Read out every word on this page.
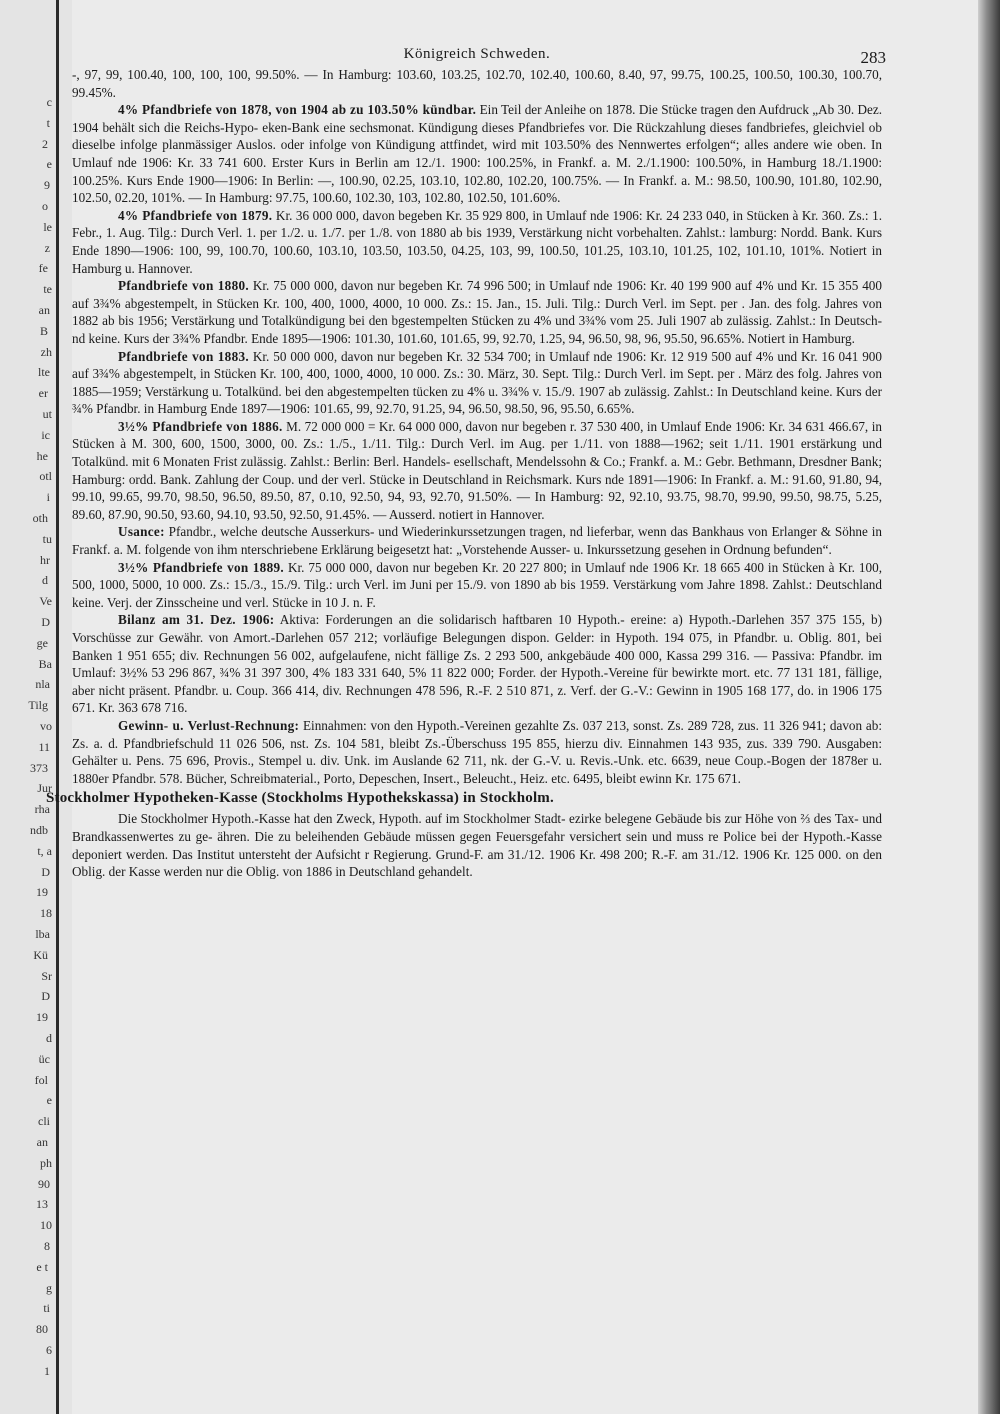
c
t
2
e
9
o
le
z
fe
te
an
B
zh
lte
er
ut
ic
he
otl
i
oth
tu
hr
d
Ve
D
ge
Ba
nla
Tilg
vo
11
373
Jur
rha
ndb
t, a
D
19
18
lba
Kü
Sr
D
19
d
üc
fol
e
cli
an
ph
90
13
10
8
e t
g
ti
80
6
1
Königreich Schweden.	283

-, 97, 99, 100.40, 100, 100, 100, 99.50%. — In Hamburg: 103.60, 103.25, 102.70, 102.40, 100.60, 8.40, 97, 99.75, 100.25, 100.50, 100.30, 100.70, 99.45%.

4% Pfandbriefe von 1878, von 1904 ab zu 103.50% kündbar. Ein Teil der Anleihe on 1878. Die Stücke tragen den Aufdruck „Ab 30. Dez. 1904 behält sich die Reichs-Hypo- eken-Bank eine sechsmonat. Kündigung dieses Pfandbriefes vor. Die Rückzahlung dieses fandbriefes, gleichviel ob dieselbe infolge planmässiger Auslos. oder infolge von Kündigung attfindet, wird mit 103.50% des Nennwertes erfolgen“; alles andere wie oben. In Umlauf nde 1906: Kr. 33 741 600. Erster Kurs in Berlin am 12./1. 1900: 100.25%, in Frankf. a. M. 2./1.1900: 100.50%, in Hamburg 18./1.1900: 100.25%. Kurs Ende 1900—1906: In Berlin: —, 100.90, 02.25, 103.10, 102.80, 102.20, 100.75%. — In Frankf. a. M.: 98.50, 100.90, 101.80, 102.90, 102.50, 02.20, 101%. — In Hamburg: 97.75, 100.60, 102.30, 103, 102.80, 102.50, 101.60%.

4% Pfandbriefe von 1879. Kr. 36 000 000, davon begeben Kr. 35 929 800, in Umlauf nde 1906: Kr. 24 233 040, in Stücken à Kr. 360. Zs.: 1. Febr., 1. Aug. Tilg.: Durch Verl. 1. per 1./2. u. 1./7. per 1./8. von 1880 ab bis 1939, Verstärkung nicht vorbehalten. Zahlst.: lamburg: Nordd. Bank. Kurs Ende 1890—1906: 100, 99, 100.70, 100.60, 103.10, 103.50, 103.50, 04.25, 103, 99, 100.50, 101.25, 103.10, 101.25, 102, 101.10, 101%. Notiert in Hamburg u. Hannover.

Pfandbriefe von 1880. Kr. 75 000 000, davon nur begeben Kr. 74 996 500; in Umlauf nde 1906: Kr. 40 199 900 auf 4% und Kr. 15 355 400 auf 3¾% abgestempelt, in Stücken Kr. 100, 400, 1000, 4000, 10 000. Zs.: 15. Jan., 15. Juli. Tilg.: Durch Verl. im Sept. per . Jan. des folg. Jahres von 1882 ab bis 1956; Verstärkung und Totalkündigung bei den bgestempelten Stücken zu 4% und 3¾% vom 25. Juli 1907 ab zulässig. Zahlst.: In Deutsch- nd keine. Kurs der 3¾% Pfandbr. Ende 1895—1906: 101.30, 101.60, 101.65, 99, 92.70, 1.25, 94, 96.50, 98, 96, 95.50, 96.65%. Notiert in Hamburg.

Pfandbriefe von 1883. Kr. 50 000 000, davon nur begeben Kr. 32 534 700; in Umlauf nde 1906: Kr. 12 919 500 auf 4% und Kr. 16 041 900 auf 3¾% abgestempelt, in Stücken Kr. 100, 400, 1000, 4000, 10 000. Zs.: 30. März, 30. Sept. Tilg.: Durch Verl. im Sept. per . März des folg. Jahres von 1885—1959; Verstärkung u. Totalkünd. bei den abgestempelten tücken zu 4% u. 3¾% v. 15./9. 1907 ab zulässig. Zahlst.: In Deutschland keine. Kurs der ¾% Pfandbr. in Hamburg Ende 1897—1906: 101.65, 99, 92.70, 91.25, 94, 96.50, 98.50, 96, 95.50, 6.65%.

3½% Pfandbriefe von 1886. M. 72 000 000 = Kr. 64 000 000, davon nur begeben r. 37 530 400, in Umlauf Ende 1906: Kr. 34 631 466.67, in Stücken à M. 300, 600, 1500, 3000, 00. Zs.: 1./5., 1./11. Tilg.: Durch Verl. im Aug. per 1./11. von 1888—1962; seit 1./11. 1901 erstärkung und Totalkünd. mit 6 Monaten Frist zulässig. Zahlst.: Berlin: Berl. Handels- esellschaft, Mendelssohn & Co.; Frankf. a. M.: Gebr. Bethmann, Dresdner Bank; Hamburg: ordd. Bank. Zahlung der Coup. und der verl. Stücke in Deutschland in Reichsmark. Kurs nde 1891—1906: In Frankf. a. M.: 91.60, 91.80, 94, 99.10, 99.65, 99.70, 98.50, 96.50, 89.50, 87, 0.10, 92.50, 94, 93, 92.70, 91.50%. — In Hamburg: 92, 92.10, 93.75, 98.70, 99.90, 99.50, 98.75, 5.25, 89.60, 87.90, 90.50, 93.60, 94.10, 93.50, 92.50, 91.45%. — Ausserd. notiert in Hannover.

Usance: Pfandbr., welche deutsche Ausserkurs- und Wiederinkurssetzungen tragen, nd lieferbar, wenn das Bankhaus von Erlanger & Söhne in Frankf. a. M. folgende von ihm nterschriebene Erklärung beigesetzt hat: „Vorstehende Ausser- u. Inkurssetzung gesehen in Ordnung befunden“.

3½% Pfandbriefe von 1889. Kr. 75 000 000, davon nur begeben Kr. 20 227 800; in Umlauf nde 1906 Kr. 18 665 400 in Stücken à Kr. 100, 500, 1000, 5000, 10 000. Zs.: 15./3., 15./9. Tilg.: urch Verl. im Juni per 15./9. von 1890 ab bis 1959. Verstärkung vom Jahre 1898. Zahlst.: Deutschland keine. Verj. der Zinsscheine und verl. Stücke in 10 J. n. F.

Bilanz am 31. Dez. 1906: Aktiva: Forderungen an die solidarisch haftbaren 10 Hypoth.- ereine: a) Hypoth.-Darlehen 357 375 155, b) Vorschüsse zur Gewähr. von Amort.-Darlehen 057 212; vorläufige Belegungen dispon. Gelder: in Hypoth. 194 075, in Pfandbr. u. Oblig. 801, bei Banken 1 951 655; div. Rechnungen 56 002, aufgelaufene, nicht fällige Zs. 2 293 500, ankgebäude 400 000, Kassa 299 316. — Passiva: Pfandbr. im Umlauf: 3½% 53 296 867, ¾% 31 397 300, 4% 183 331 640, 5% 11 822 000; Forder. der Hypoth.-Vereine für bewirkte mort. etc. 77 131 181, fällige, aber nicht präsent. Pfandbr. u. Coup. 366 414, div. Rechnungen 478 596, R.-F. 2 510 871, z. Verf. der G.-V.: Gewinn in 1905 168 177, do. in 1906 175 671. Kr. 363 678 716.

Gewinn- u. Verlust-Rechnung: Einnahmen: von den Hypoth.-Vereinen gezahlte Zs. 037 213, sonst. Zs. 289 728, zus. 11 326 941; davon ab: Zs. a. d. Pfandbriefschuld 11 026 506, nst. Zs. 104 581, bleibt Zs.-Überschuss 195 855, hierzu div. Einnahmen 143 935, zus. 339 790. Ausgaben: Gehälter u. Pens. 75 696, Provis., Stempel u. div. Unk. im Auslande 62 711, nk. der G.-V. u. Revis.-Unk. etc. 6639, neue Coup.-Bogen der 1878er u. 1880er Pfandbr. 578. Bücher, Schreibmaterial., Porto, Depeschen, Insert., Beleucht., Heiz. etc. 6495, bleibt ewinn Kr. 175 671.

Stockholmer Hypotheken-Kasse (Stockholms Hypothekskassa) in Stockholm.

Die Stockholmer Hypoth.-Kasse hat den Zweck, Hypoth. auf im Stockholmer Stadt- ezirke belegene Gebäude bis zur Höhe von ⅔ des Tax- und Brandkassenwertes zu ge- ähren. Die zu beleihenden Gebäude müssen gegen Feuersgefahr versichert sein und muss re Police bei der Hypoth.-Kasse deponiert werden. Das Institut untersteht der Aufsicht r Regierung. Grund-F. am 31./12. 1906 Kr. 498 200; R.-F. am 31./12. 1906 Kr. 125 000. on den Oblig. der Kasse werden nur die Oblig. von 1886 in Deutschland gehandelt.
